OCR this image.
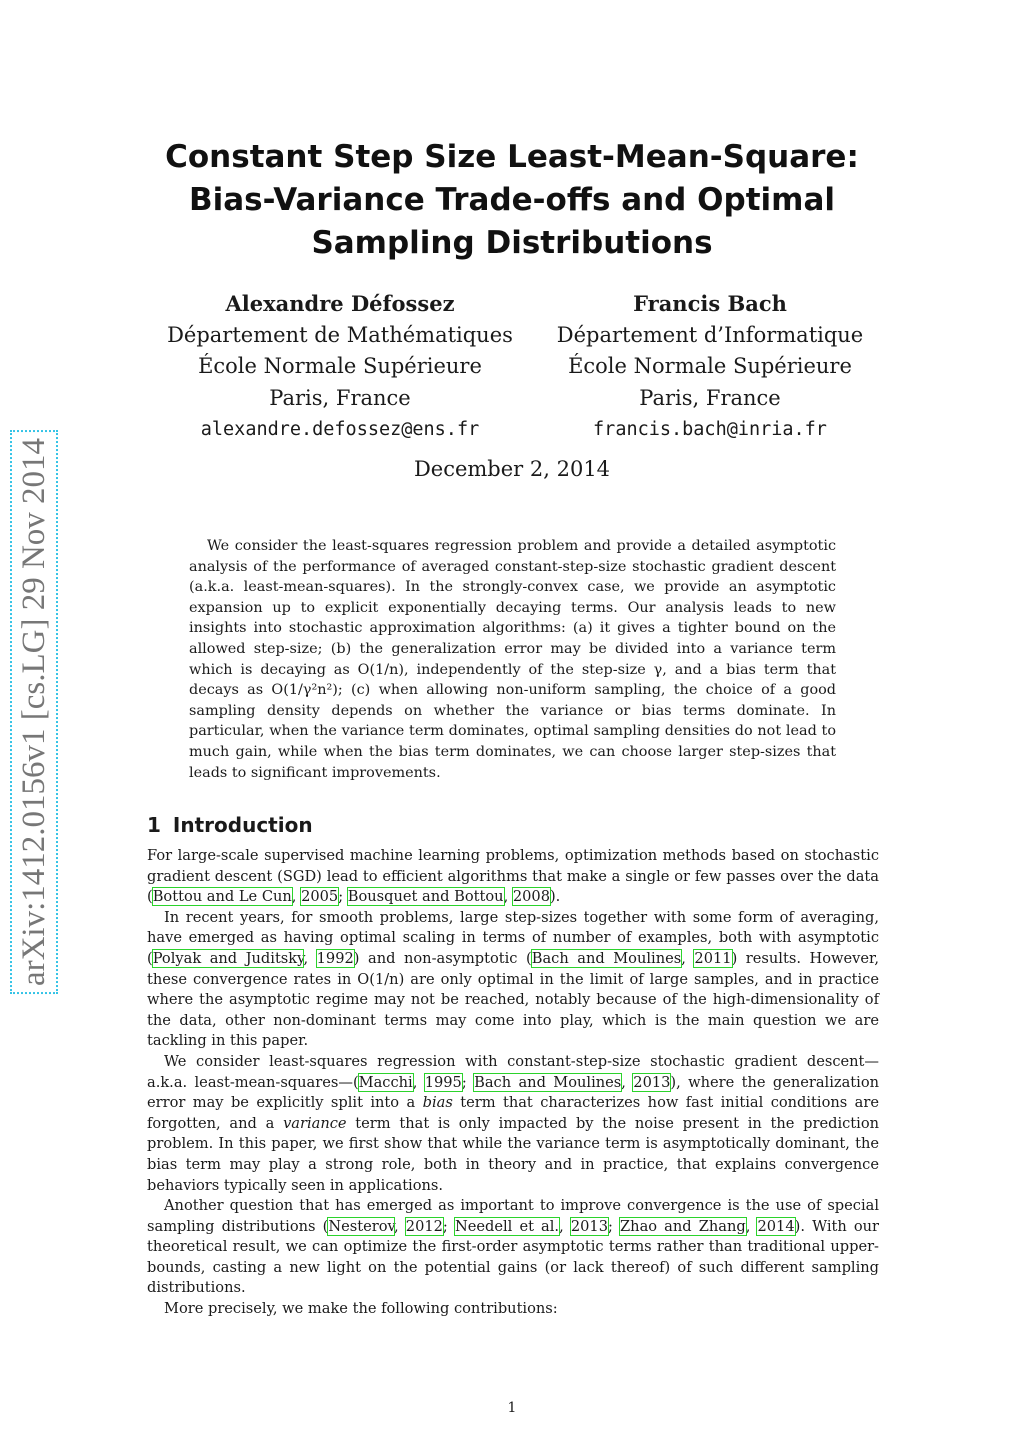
arXiv:1412.0156v1 [cs.LG] 29 Nov 2014
Constant Step Size Least-Mean-Square:
Bias-Variance Trade-offs and Optimal
Sampling Distributions
Alexandre Défossez
Département de Mathématiques
École Normale Supérieure
Paris, France
alexandre.defossez@ens.fr
Francis Bach
Département d’Informatique
École Normale Supérieure
Paris, France
francis.bach@inria.fr
December 2, 2014
We consider the least-squares regression problem and provide a detailed asymptotic analysis of the performance of averaged constant-step-size stochastic gradient descent (a.k.a. least-mean-squares). In the strongly-convex case, we provide an asymptotic expansion up to explicit exponentially decaying terms. Our analysis leads to new insights into stochastic approximation algorithms: (a) it gives a tighter bound on the allowed step-size; (b) the generalization error may be divided into a variance term which is decaying as O(1/n), independently of the step-size γ, and a bias term that decays as O(1/γ²n²); (c) when allowing non-uniform sampling, the choice of a good sampling density depends on whether the variance or bias terms dominate. In particular, when the variance term dominates, optimal sampling densities do not lead to much gain, while when the bias term dominates, we can choose larger step-sizes that leads to significant improvements.
1 Introduction

For large-scale supervised machine learning problems, optimization methods based on stochastic gradient descent (SGD) lead to efficient algorithms that make a single or few passes over the data (Bottou and Le Cun, 2005; Bousquet and Bottou, 2008).

In recent years, for smooth problems, large step-sizes together with some form of averaging, have emerged as having optimal scaling in terms of number of examples, both with asymptotic (Polyak and Juditsky, 1992) and non-asymptotic (Bach and Moulines, 2011) results. However, these convergence rates in O(1/n) are only optimal in the limit of large samples, and in practice where the asymptotic regime may not be reached, notably because of the high-dimensionality of the data, other non-dominant terms may come into play, which is the main question we are tackling in this paper.

We consider least-squares regression with constant-step-size stochastic gradient descent—a.k.a. least-mean-squares—(Macchi, 1995; Bach and Moulines, 2013), where the generalization error may be explicitly split into a bias term that characterizes how fast initial conditions are forgotten, and a variance term that is only impacted by the noise present in the prediction problem. In this paper, we first show that while the variance term is asymptotically dominant, the bias term may play a strong role, both in theory and in practice, that explains convergence behaviors typically seen in applications.

Another question that has emerged as important to improve convergence is the use of special sampling distributions (Nesterov, 2012; Needell et al., 2013; Zhao and Zhang, 2014). With our theoretical result, we can optimize the first-order asymptotic terms rather than traditional upper-bounds, casting a new light on the potential gains (or lack thereof) of such different sampling distributions.

More precisely, we make the following contributions:

1
